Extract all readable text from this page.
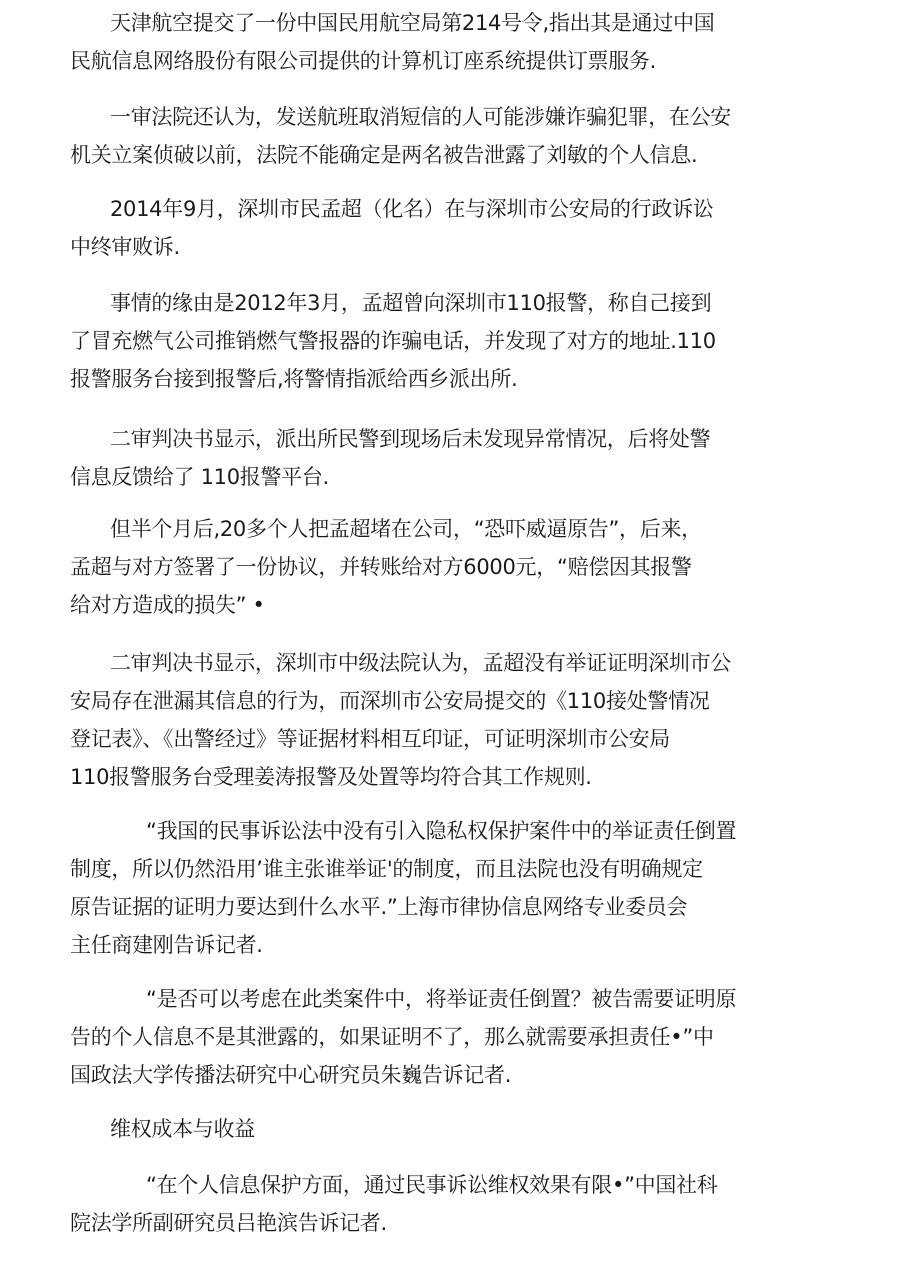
天津航空提交了一份中国民用航空局第214号令,指出其是通过中国
民航信息网络股份有限公司提供的计算机订座系统提供订票服务.

一审法院还认为，发送航班取消短信的人可能涉嫌诈骗犯罪，在公安
机关立案侦破以前，法院不能确定是两名被告泄露了刘敏的个人信息.

2014年9月，深圳市民孟超（化名）在与深圳市公安局的行政诉讼
中终审败诉.

事情的缘由是2012年3月，孟超曾向深圳市110报警，称自己接到
了冒充燃气公司推销燃气警报器的诈骗电话，并发现了对方的地址.110
报警服务台接到报警后,将警情指派给西乡派出所.

二审判决书显示，派出所民警到现场后未发现异常情况，后将处警
信息反馈给了 110报警平台.

但半个月后,20多个人把孟超堵在公司，“恐吓威逼原告”，后来，
孟超与对方签署了一份协议，并转账给对方6000元，“赔偿因其报警
给对方造成的损失” •

二审判决书显示，深圳市中级法院认为，孟超没有举证证明深圳市公
安局存在泄漏其信息的行为，而深圳市公安局提交的《110接处警情况
登记表》、《出警经过》等证据材料相互印证，可证明深圳市公安局
110报警服务台受理姜涛报警及处置等均符合其工作规则.

“我国的民事诉讼法中没有引入隐私权保护案件中的举证责任倒置
制度，所以仍然沿用’谁主张谁举证'的制度，而且法院也没有明确规定
原告证据的证明力要达到什么水平.”上海市律协信息网络专业委员会
主任商建刚告诉记者.

“是否可以考虑在此类案件中，将举证责任倒置？被告需要证明原
告的个人信息不是其泄露的，如果证明不了，那么就需要承担责任•”中
国政法大学传播法研究中心研究员朱巍告诉记者.

维权成本与收益

“在个人信息保护方面，通过民事诉讼维权效果有限•”中国社科
院法学所副研究员吕艳滨告诉记者.
